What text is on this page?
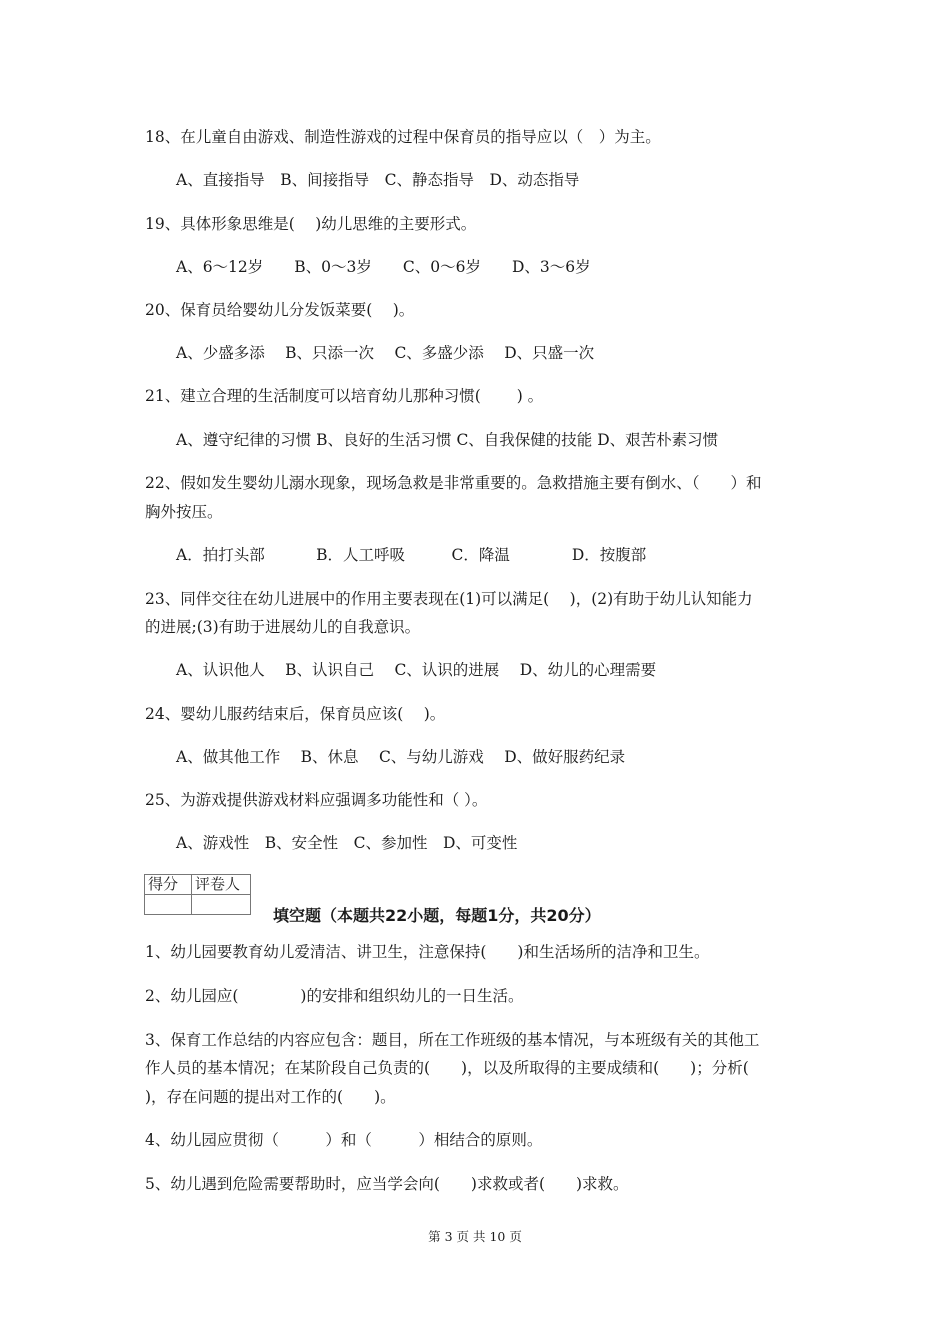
18、在儿童自由游戏、制造性游戏的过程中保育员的指导应以（　）为主。
A、直接指导　B、间接指导　C、静态指导　D、动态指导
19、具体形象思维是(　 )幼儿思维的主要形式。
A、6～12岁　　B、0～3岁　　C、0～6岁　　D、3～6岁
20、保育员给婴幼儿分发饭菜要(　 )。
A、少盛多添　 B、只添一次　 C、多盛少添　 D、只盛一次
21、建立合理的生活制度可以培育幼儿那种习惯(　　 ) 。
A、遵守纪律的习惯 B、良好的生活习惯 C、自我保健的技能 D、艰苦朴素习惯
22、假如发生婴幼儿溺水现象，现场急救是非常重要的。急救措施主要有倒水、（　　）和
胸外按压。
A．拍打头部　　　 B．人工呼吸　　　C．降温　　　　D．按腹部
23、同伴交往在幼儿进展中的作用主要表现在(1)可以满足(　 )，(2)有助于幼儿认知能力
的进展;(3)有助于进展幼儿的自我意识。
A、认识他人　 B、认识自己　 C、认识的进展　 D、幼儿的心理需要
24、婴幼儿服药结束后，保育员应该(　 )。
A、做其他工作　 B、休息　 C、与幼儿游戏　 D、做好服药纪录
25、为游戏提供游戏材料应强调多功能性和（ ）。
A、游戏性　B、安全性　C、参加性　D、可变性
得分	评卷人

填空题（本题共22小题，每题1分，共20分）
1、幼儿园要教育幼儿爱清洁、讲卫生，注意保持(　　)和生活场所的洁净和卫生。
2、幼儿园应(　　　　)的安排和组织幼儿的一日生活。
3、保育工作总结的内容应包含：题目，所在工作班级的基本情况，与本班级有关的其他工
作人员的基本情况；在某阶段自己负责的(　　)，以及所取得的主要成绩和(　　)；分析(
)，存在问题的提出对工作的(　　)。
4、幼儿园应贯彻（　　　）和（　　　）相结合的原则。
5、幼儿遇到危险需要帮助时，应当学会向(　　)求救或者(　　)求救。
第 3 页 共 10 页
